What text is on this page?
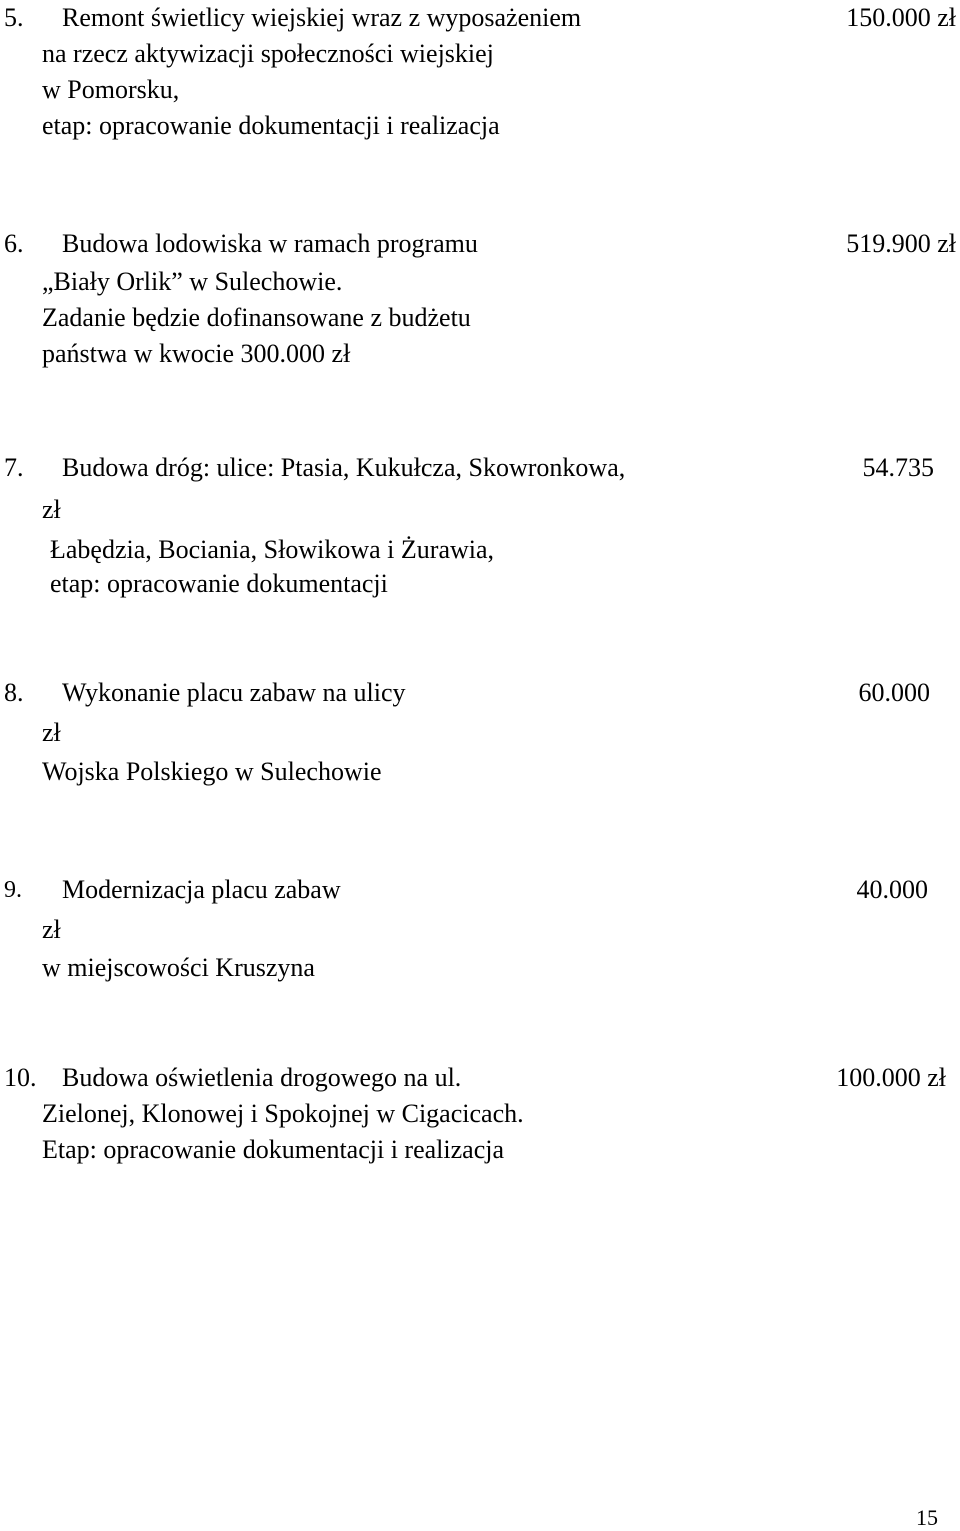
5. Remont świetlicy wiejskiej wraz z wyposażeniem	150.000 zł
na rzecz aktywizacji społeczności wiejskiej
w Pomorsku,
etap: opracowanie dokumentacji i realizacja
6. Budowa lodowiska w ramach programu	519.900 zł
„Biały Orlik” w Sulechowie.
Zadanie będzie dofinansowane z budżetu
państwa w kwocie 300.000 zł
7. Budowa dróg: ulice: Ptasia, Kukułcza, Skowronkowa,	54.735
zł
Łabędzia, Bociania, Słowikowa i Żurawia,
etap: opracowanie dokumentacji
8. Wykonanie placu zabaw na ulicy	60.000
zł
Wojska Polskiego w Sulechowie
9. Modernizacja placu zabaw	40.000
zł
w miejscowości Kruszyna
10. Budowa oświetlenia drogowego na ul.	100.000 zł
Zielonej, Klonowej i Spokojnej w Cigacicach.
Etap: opracowanie dokumentacji i realizacja
15
